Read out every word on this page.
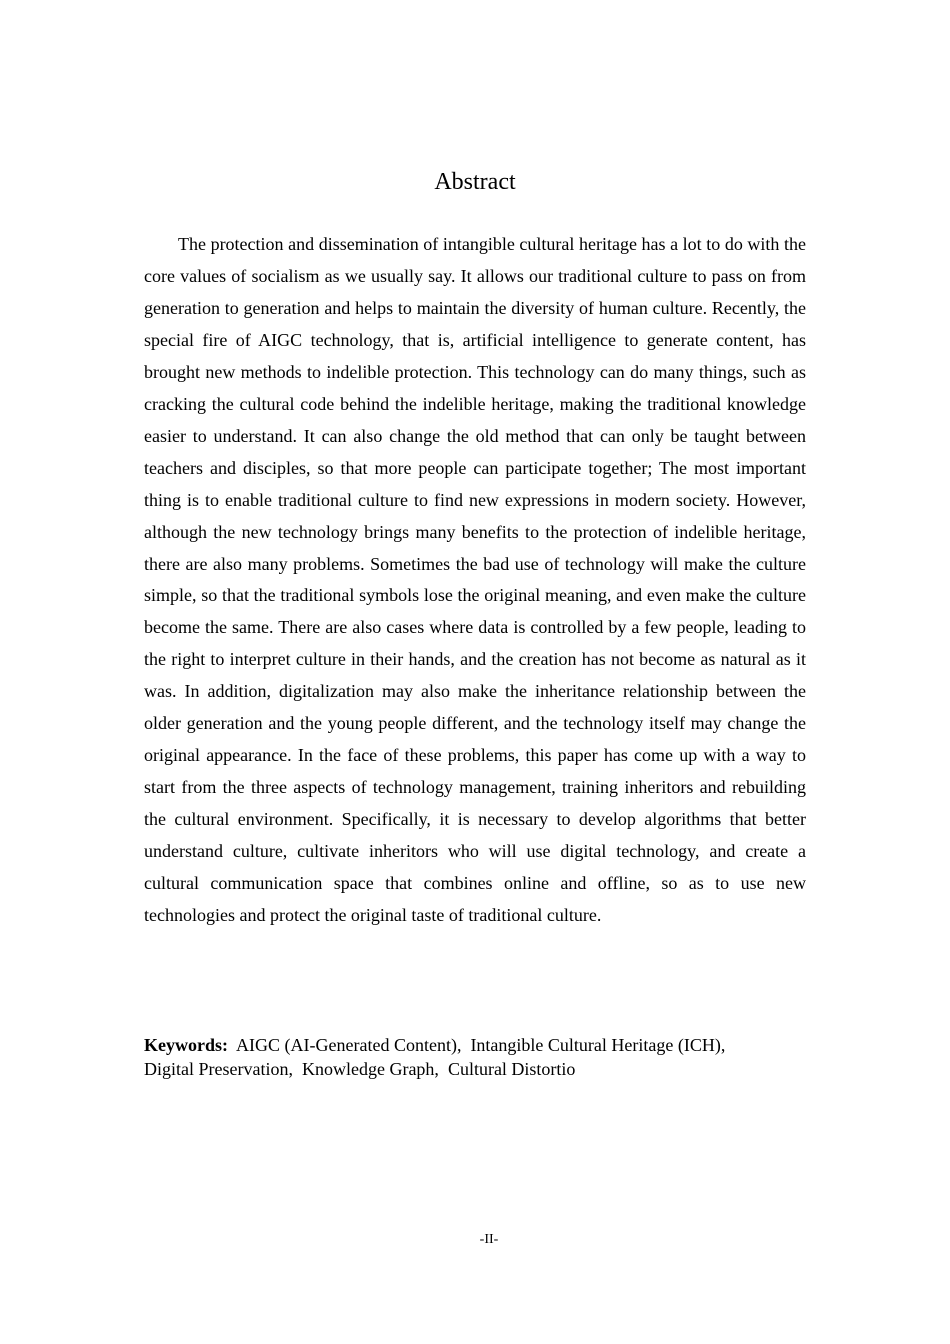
Abstract

The protection and dissemination of intangible cultural heritage has a lot to do with the core values of socialism as we usually say. It allows our traditional culture to pass on from generation to generation and helps to maintain the diversity of human culture. Recently, the special fire of AIGC technology, that is, artificial intelligence to generate content, has brought new methods to indelible protection. This technology can do many things, such as cracking the cultural code behind the indelible heritage, making the traditional knowledge easier to understand. It can also change the old method that can only be taught between teachers and disciples, so that more people can participate together; The most important thing is to enable traditional culture to find new expressions in modern society. However, although the new technology brings many benefits to the protection of indelible heritage, there are also many problems. Sometimes the bad use of technology will make the culture simple, so that the traditional symbols lose the original meaning, and even make the culture become the same. There are also cases where data is controlled by a few people, leading to the right to interpret culture in their hands, and the creation has not become as natural as it was. In addition, digitalization may also make the inheritance relationship between the older generation and the young people different, and the technology itself may change the original appearance. In the face of these problems, this paper has come up with a way to start from the three aspects of technology management, training inheritors and rebuilding the cultural environment. Specifically, it is necessary to develop algorithms that better understand culture, cultivate inheritors who will use digital technology, and create a cultural communication space that combines online and offline, so as to use new technologies and protect the original taste of traditional culture.

Keywords: AIGC (AI-Generated Content), Intangible Cultural Heritage (ICH),
Digital Preservation, Knowledge Graph, Cultural Distortio

-II-
